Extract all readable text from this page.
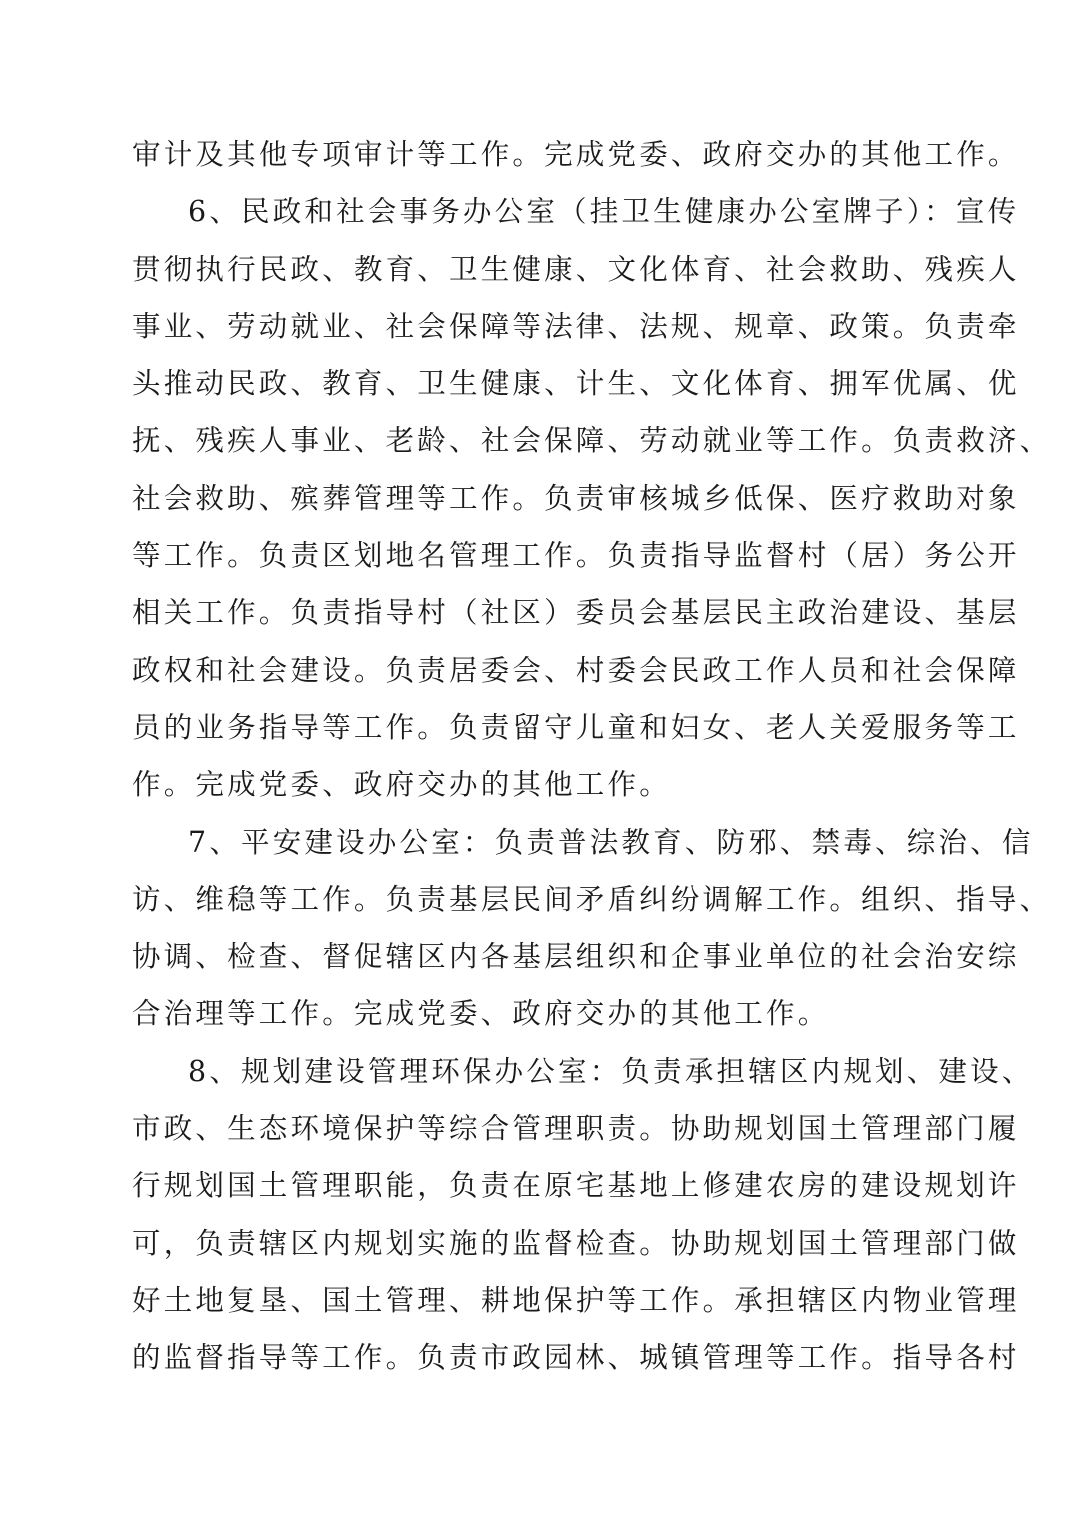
审计及其他专项审计等工作。完成党委、政府交办的其他工作。
6、民政和社会事务办公室（挂卫生健康办公室牌子）：宣传
贯彻执行民政、教育、卫生健康、文化体育、社会救助、残疾人
事业、劳动就业、社会保障等法律、法规、规章、政策。负责牵
头推动民政、教育、卫生健康、计生、文化体育、拥军优属、优
抚、残疾人事业、老龄、社会保障、劳动就业等工作。负责救济、
社会救助、殡葬管理等工作。负责审核城乡低保、医疗救助对象
等工作。负责区划地名管理工作。负责指导监督村（居）务公开
相关工作。负责指导村（社区）委员会基层民主政治建设、基层
政权和社会建设。负责居委会、村委会民政工作人员和社会保障
员的业务指导等工作。负责留守儿童和妇女、老人关爱服务等工
作。完成党委、政府交办的其他工作。
7、平安建设办公室：负责普法教育、防邪、禁毒、综治、信
访、维稳等工作。负责基层民间矛盾纠纷调解工作。组织、指导、
协调、检查、督促辖区内各基层组织和企事业单位的社会治安综
合治理等工作。完成党委、政府交办的其他工作。
8、规划建设管理环保办公室：负责承担辖区内规划、建设、
市政、生态环境保护等综合管理职责。协助规划国土管理部门履
行规划国土管理职能，负责在原宅基地上修建农房的建设规划许
可，负责辖区内规划实施的监督检查。协助规划国土管理部门做
好土地复垦、国土管理、耕地保护等工作。承担辖区内物业管理
的监督指导等工作。负责市政园林、城镇管理等工作。指导各村
